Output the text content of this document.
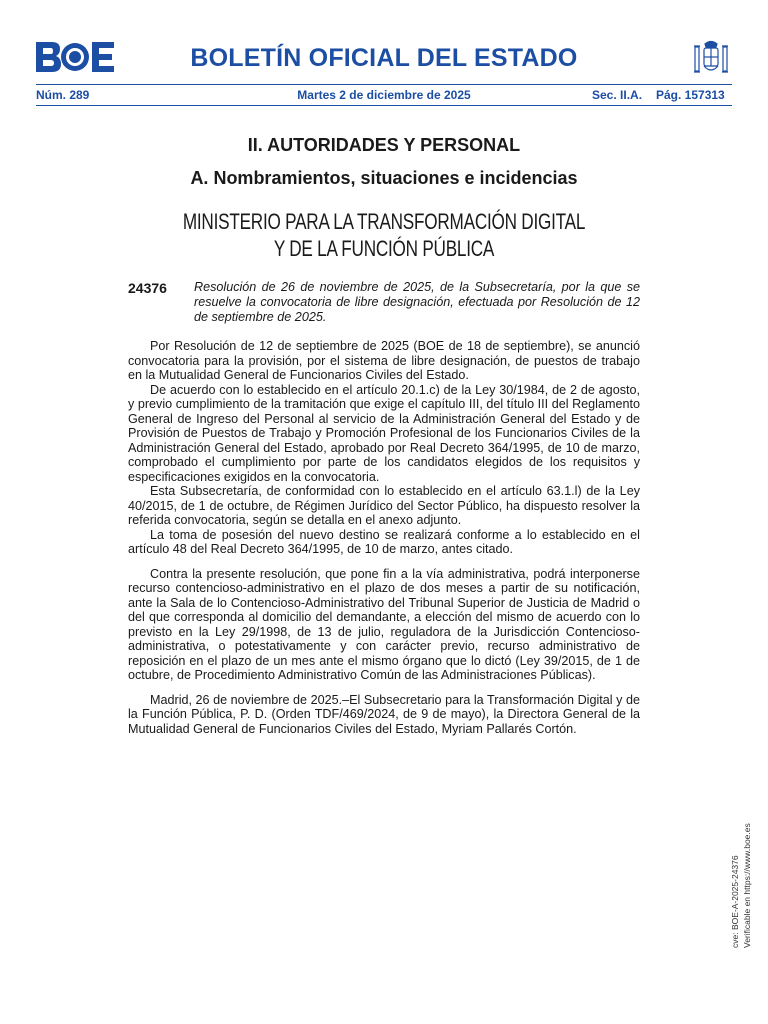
BOLETÍN OFICIAL DEL ESTADO
Núm. 289	Martes 2 de diciembre de 2025	Sec. II.A. Pág. 157313
II. AUTORIDADES Y PERSONAL
A. Nombramientos, situaciones e incidencias
MINISTERIO PARA LA TRANSFORMACIÓN DIGITAL
Y DE LA FUNCIÓN PÚBLICA
24376 Resolución de 26 de noviembre de 2025, de la Subsecretaría, por la que se resuelve la convocatoria de libre designación, efectuada por Resolución de 12 de septiembre de 2025.

Por Resolución de 12 de septiembre de 2025 (BOE de 18 de septiembre), se anunció convocatoria para la provisión, por el sistema de libre designación, de puestos de trabajo en la Mutualidad General de Funcionarios Civiles del Estado.

De acuerdo con lo establecido en el artículo 20.1.c) de la Ley 30/1984, de 2 de agosto, y previo cumplimiento de la tramitación que exige el capítulo III, del título III del Reglamento General de Ingreso del Personal al servicio de la Administración General del Estado y de Provisión de Puestos de Trabajo y Promoción Profesional de los Funcionarios Civiles de la Administración General del Estado, aprobado por Real Decreto 364/1995, de 10 de marzo, comprobado el cumplimiento por parte de los candidatos elegidos de los requisitos y especificaciones exigidos en la convocatoria.

Esta Subsecretaría, de conformidad con lo establecido en el artículo 63.1.l) de la Ley 40/2015, de 1 de octubre, de Régimen Jurídico del Sector Público, ha dispuesto resolver la referida convocatoria, según se detalla en el anexo adjunto.

La toma de posesión del nuevo destino se realizará conforme a lo establecido en el artículo 48 del Real Decreto 364/1995, de 10 de marzo, antes citado.

Contra la presente resolución, que pone fin a la vía administrativa, podrá interponerse recurso contencioso-administrativo en el plazo de dos meses a partir de su notificación, ante la Sala de lo Contencioso-Administrativo del Tribunal Superior de Justicia de Madrid o del que corresponda al domicilio del demandante, a elección del mismo de acuerdo con lo previsto en la Ley 29/1998, de 13 de julio, reguladora de la Jurisdicción Contencioso-administrativa, o potestativamente y con carácter previo, recurso administrativo de reposición en el plazo de un mes ante el mismo órgano que lo dictó (Ley 39/2015, de 1 de octubre, de Procedimiento Administrativo Común de las Administraciones Públicas).

Madrid, 26 de noviembre de 2025.–El Subsecretario para la Transformación Digital y de la Función Pública, P. D. (Orden TDF/469/2024, de 9 de mayo), la Directora General de la Mutualidad General de Funcionarios Civiles del Estado, Myriam Pallarés Cortón.

cve: BOE-A-2025-24376 Verificable en https://www.boe.es
